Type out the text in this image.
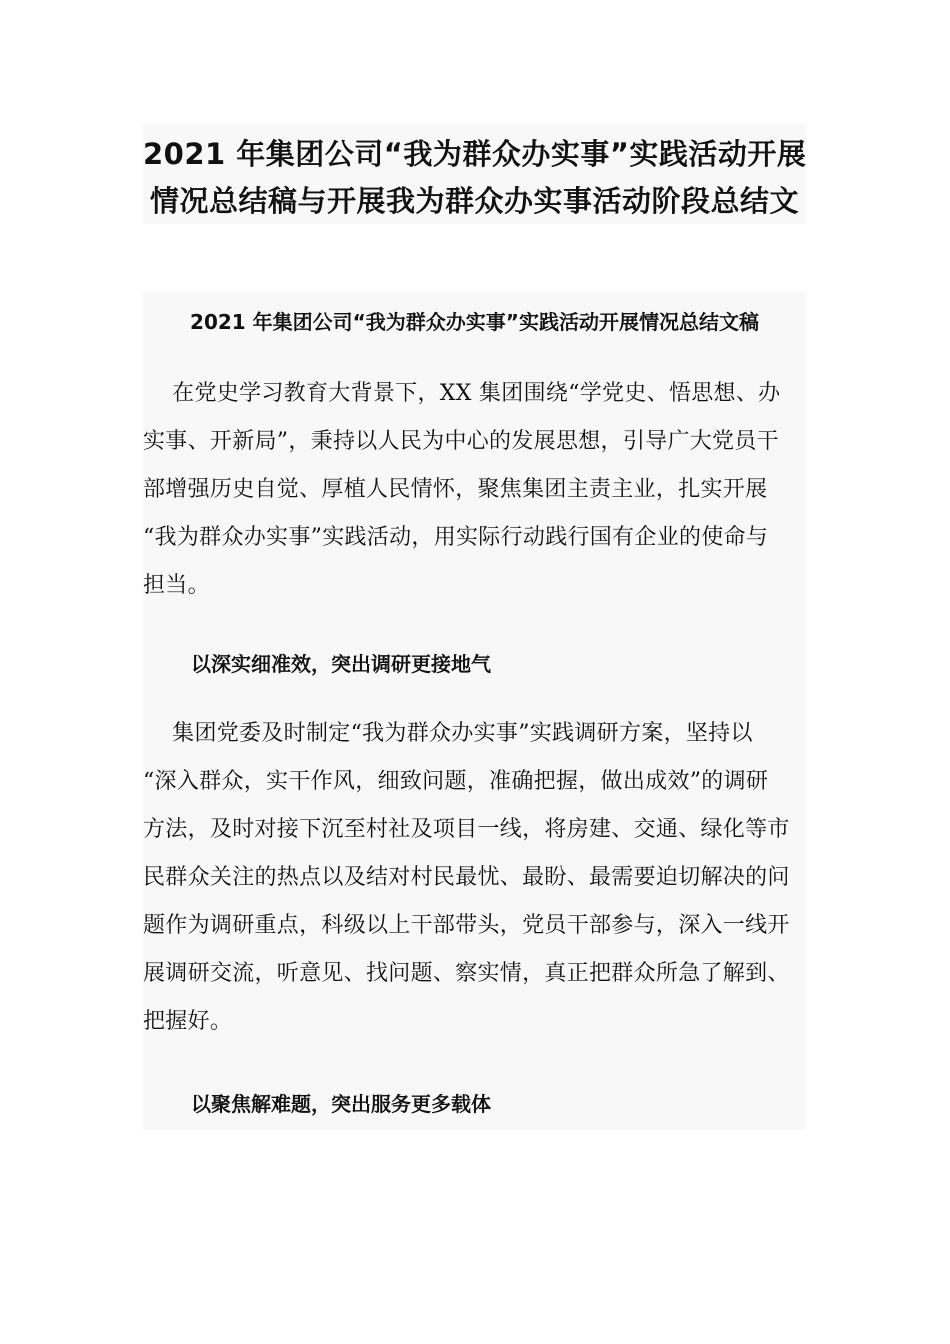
2021 年集团公司“我为群众办实事”实践活动开展
情况总结稿与开展我为群众办实事活动阶段总结文
2021 年集团公司“我为群众办实事”实践活动开展情况总结文稿
在党史学习教育大背景下，XX 集团围绕“学党史、悟思想、办
实事、开新局”，秉持以人民为中心的发展思想，引导广大党员干
部增强历史自觉、厚植人民情怀，聚焦集团主责主业，扎实开展
“我为群众办实事”实践活动，用实际行动践行国有企业的使命与
担当。
以深实细准效，突出调研更接地气
集团党委及时制定“我为群众办实事”实践调研方案，坚持以
“深入群众，实干作风，细致问题，准确把握，做出成效”的调研
方法，及时对接下沉至村社及项目一线，将房建、交通、绿化等市
民群众关注的热点以及结对村民最忧、最盼、最需要迫切解决的问
题作为调研重点，科级以上干部带头，党员干部参与，深入一线开
展调研交流，听意见、找问题、察实情，真正把群众所急了解到、
把握好。
以聚焦解难题，突出服务更多载体
